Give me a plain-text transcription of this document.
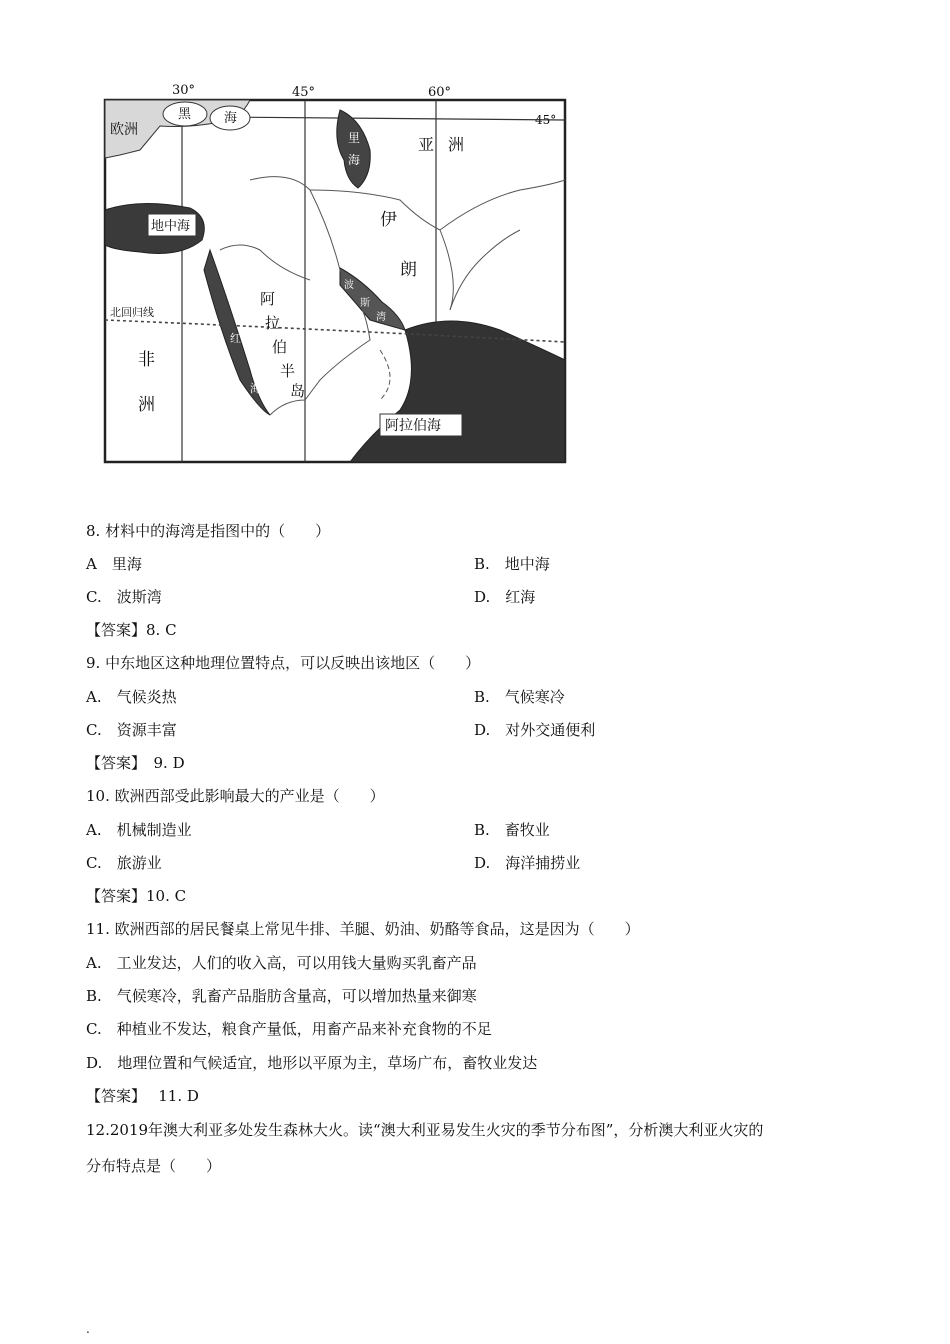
30°	45°	60°
45°
欧洲
黑	海
里
海
亚 洲
地中海	伊
朗
阿
拉
伯
半
岛
北回归线
非
洲
波
斯
湾
红
海
阿拉伯海
8. 材料中的海湾是指图中的（　　）
A　里海	B.　地中海
C.　波斯湾	D.　红海
【答案】8. C
9. 中东地区这种地理位置特点，可以反映出该地区（　　）
A.　气候炎热	B.　气候寒冷
C.　资源丰富	D.　对外交通便利
【答案】　9. D
10. 欧洲西部受此影响最大的产业是（　　）
A.　机械制造业	B.　畜牧业
C.　旅游业	D.　海洋捕捞业
【答案】10. C
11. 欧洲西部的居民餐桌上常见牛排、羊腿、奶油、奶酪等食品，这是因为（　　）
A.　工业发达，人们的收入高，可以用钱大量购买乳畜产品
B.　气候寒冷，乳畜产品脂肪含量高，可以增加热量来御寒
C.　种植业不发达，粮食产量低，用畜产品来补充食物的不足
D.　地理位置和气候适宜，地形以平原为主，草场广布，畜牧业发达
【答案】　 11. D
12.2019年澳大利亚多处发生森林大火。读“澳大利亚易发生火灾的季节分布图”，分析澳大利亚火灾的
分布特点是（　　）
.
